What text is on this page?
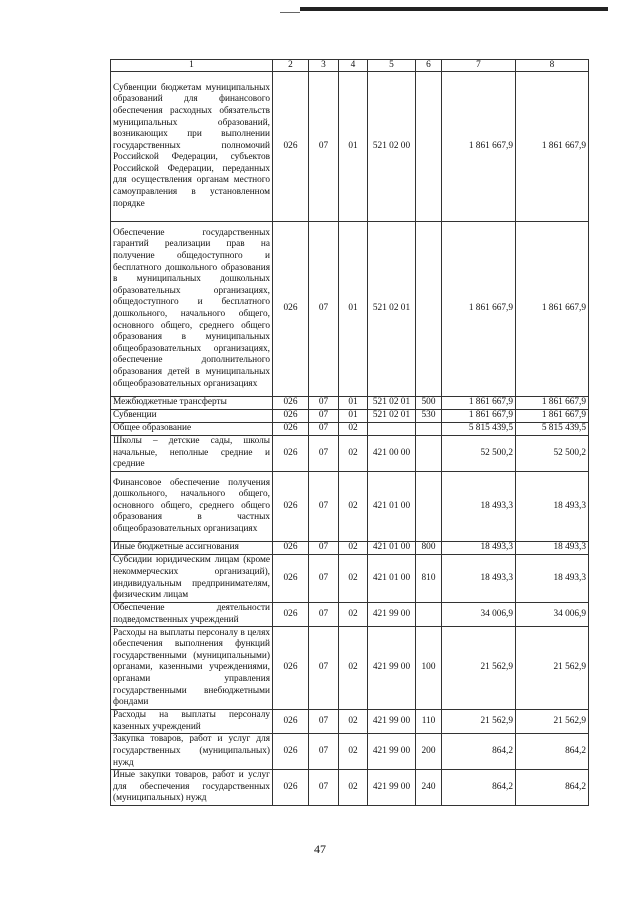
1	2	3	4	5	6	7	8
Субвенции бюджетам муниципальных образований для финансового обеспечения расходных обязательств муниципальных образований, возникающих при выполнении государственных полномочий Российской Федерации, субъектов Российской Федерации, переданных для осуществления органам местного самоуправления в установленном порядке	026	07	01	521 02 00		1 861 667,9	1 861 667,9
Обеспечение государственных гарантий реализации прав на получение общедоступного и бесплатного дошкольного образования в муниципальных дошкольных образовательных организациях, общедоступного и бесплатного дошкольного, начального общего, основного общего, среднего общего образования в муниципальных общеобразовательных организациях, обеспечение дополнительного образования детей в муниципальных общеобразовательных организациях	026	07	01	521 02 01		1 861 667,9	1 861 667,9
Межбюджетные трансферты	026	07	01	521 02 01	500	1 861 667,9	1 861 667,9
Субвенции	026	07	01	521 02 01	530	1 861 667,9	1 861 667,9
Общее образование	026	07	02			5 815 439,5	5 815 439,5
Школы – детские сады, школы начальные, неполные средние и средние	026	07	02	421 00 00		52 500,2	52 500,2
Финансовое обеспечение получения дошкольного, начального общего, основного общего, среднего общего образования в частных общеобразовательных организациях	026	07	02	421 01 00		18 493,3	18 493,3
Иные бюджетные ассигнования	026	07	02	421 01 00	800	18 493,3	18 493,3
Субсидии юридическим лицам (кроме некоммерческих организаций), индивидуальным предпринимателям, физическим лицам	026	07	02	421 01 00	810	18 493,3	18 493,3
Обеспечение деятельности подведомственных учреждений	026	07	02	421 99 00		34 006,9	34 006,9
Расходы на выплаты персоналу в целях обеспечения выполнения функций государственными (муниципальными) органами, казенными учреждениями, органами управления государственными внебюджетными фондами	026	07	02	421 99 00	100	21 562,9	21 562,9
Расходы на выплаты персоналу казенных учреждений	026	07	02	421 99 00	110	21 562,9	21 562,9
Закупка товаров, работ и услуг для государственных (муниципальных) нужд	026	07	02	421 99 00	200	864,2	864,2
Иные закупки товаров, работ и услуг для обеспечения государственных (муниципальных) нужд	026	07	02	421 99 00	240	864,2	864,2
47
